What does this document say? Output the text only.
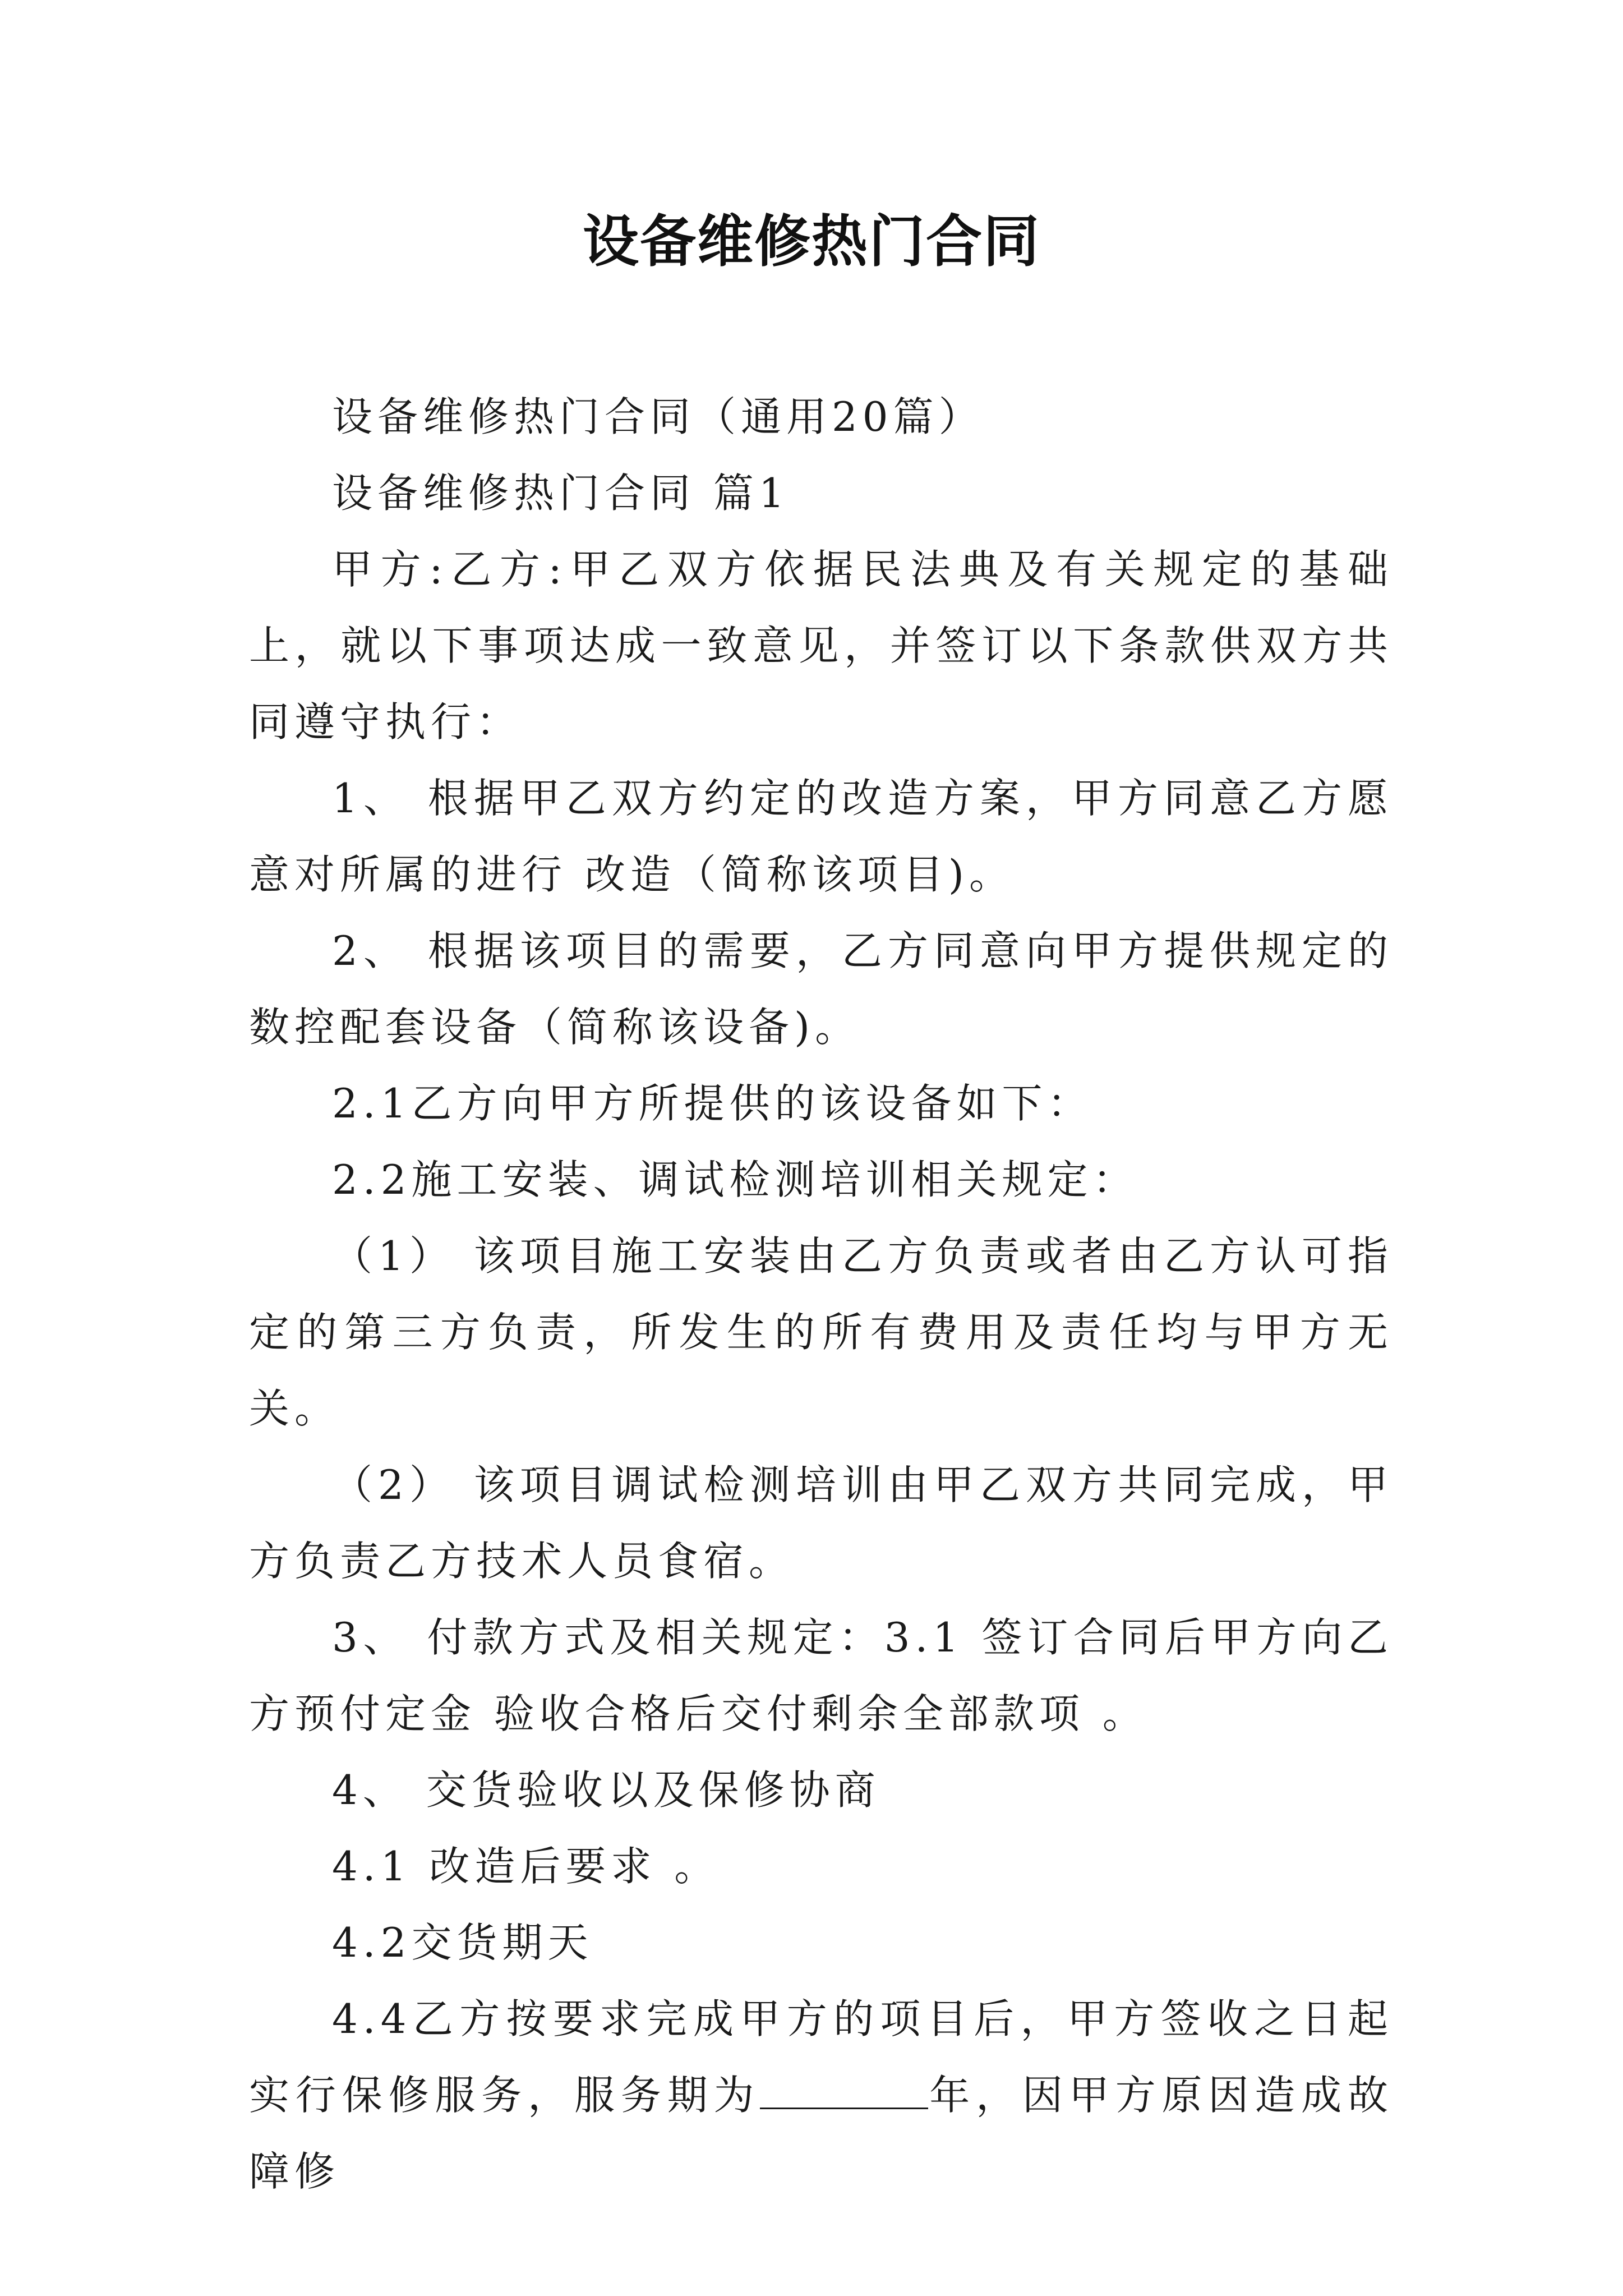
设备维修热门合同

设备维修热门合同（通用20篇）

设备维修热门合同 篇1

甲方:乙方:甲乙双方依据民法典及有关规定的基础上，就以下事项达成一致意见，并签订以下条款供双方共同遵守执行：

1、 根据甲乙双方约定的改造方案，甲方同意乙方愿意对所属的进行 改造（简称该项目)。

2、 根据该项目的需要，乙方同意向甲方提供规定的数控配套设备（简称该设备)。

2.1乙方向甲方所提供的该设备如下：

2.2施工安装、调试检测培训相关规定：

（1） 该项目施工安装由乙方负责或者由乙方认可指定的第三方负责，所发生的所有费用及责任均与甲方无关。

（2） 该项目调试检测培训由甲乙双方共同完成，甲方负责乙方技术人员食宿。

3、 付款方式及相关规定：3.1 签订合同后甲方向乙方预付定金 验收合格后交付剩余全部款项 。

4、 交货验收以及保修协商

4.1 改造后要求 。

4.2交货期天

4.4乙方按要求完成甲方的项目后，甲方签收之日起实行保修服务，服务期为	年，因甲方原因造成故障修
